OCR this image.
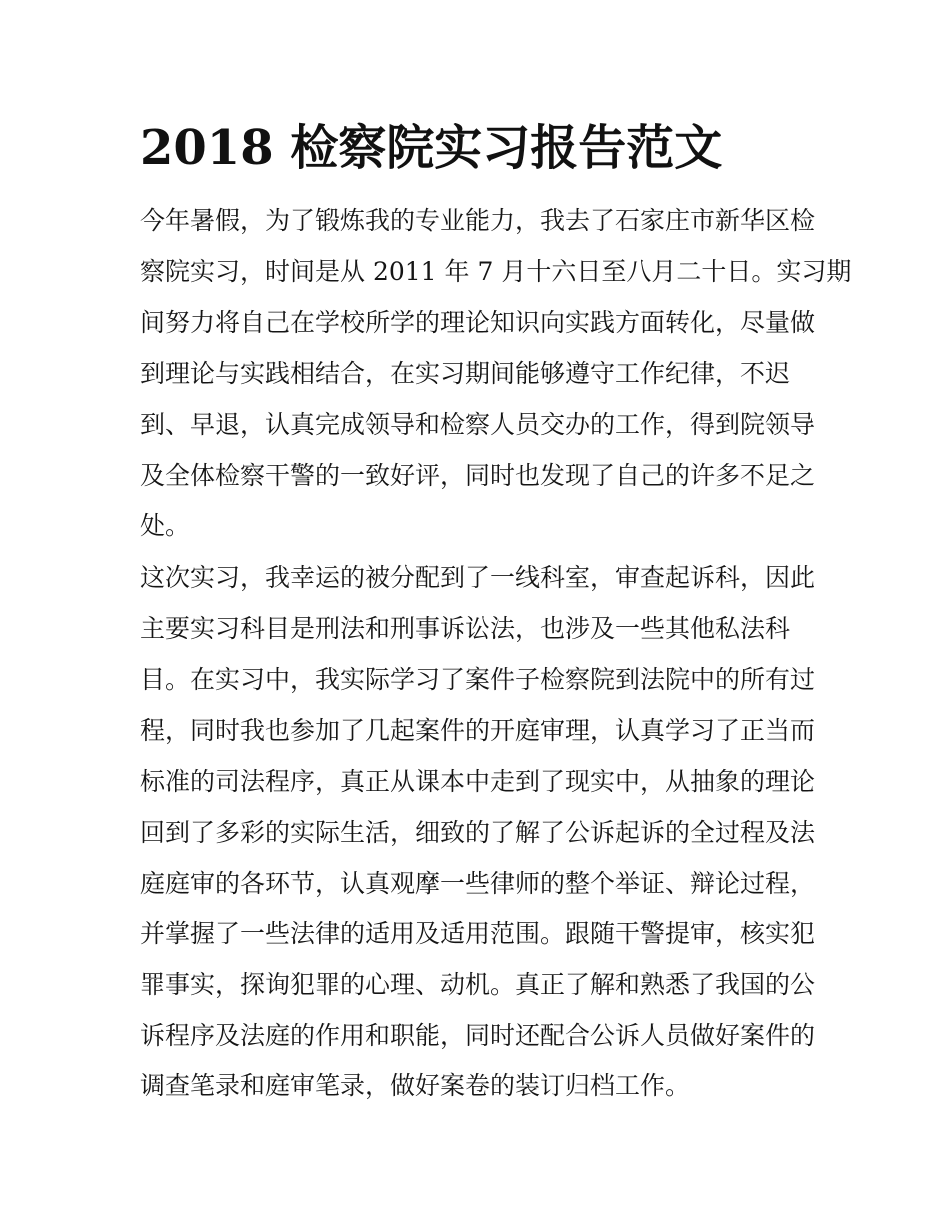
2018 检察院实习报告范文

今年暑假，为了锻炼我的专业能力，我去了石家庄市新华区检

察院实习，时间是从 2011 年 7 月十六日至八月二十日。实习期

间努力将自己在学校所学的理论知识向实践方面转化，尽量做

到理论与实践相结合，在实习期间能够遵守工作纪律，不迟

到、早退，认真完成领导和检察人员交办的工作，得到院领导

及全体检察干警的一致好评，同时也发现了自己的许多不足之

处。

这次实习，我幸运的被分配到了一线科室，审查起诉科，因此

主要实习科目是刑法和刑事诉讼法，也涉及一些其他私法科

目。在实习中，我实际学习了案件子检察院到法院中的所有过

程，同时我也参加了几起案件的开庭审理，认真学习了正当而

标准的司法程序，真正从课本中走到了现实中，从抽象的理论

回到了多彩的实际生活，细致的了解了公诉起诉的全过程及法

庭庭审的各环节，认真观摩一些律师的整个举证、辩论过程，

并掌握了一些法律的适用及适用范围。跟随干警提审，核实犯

罪事实，探询犯罪的心理、动机。真正了解和熟悉了我国的公

诉程序及法庭的作用和职能，同时还配合公诉人员做好案件的

调查笔录和庭审笔录，做好案卷的装订归档工作。
